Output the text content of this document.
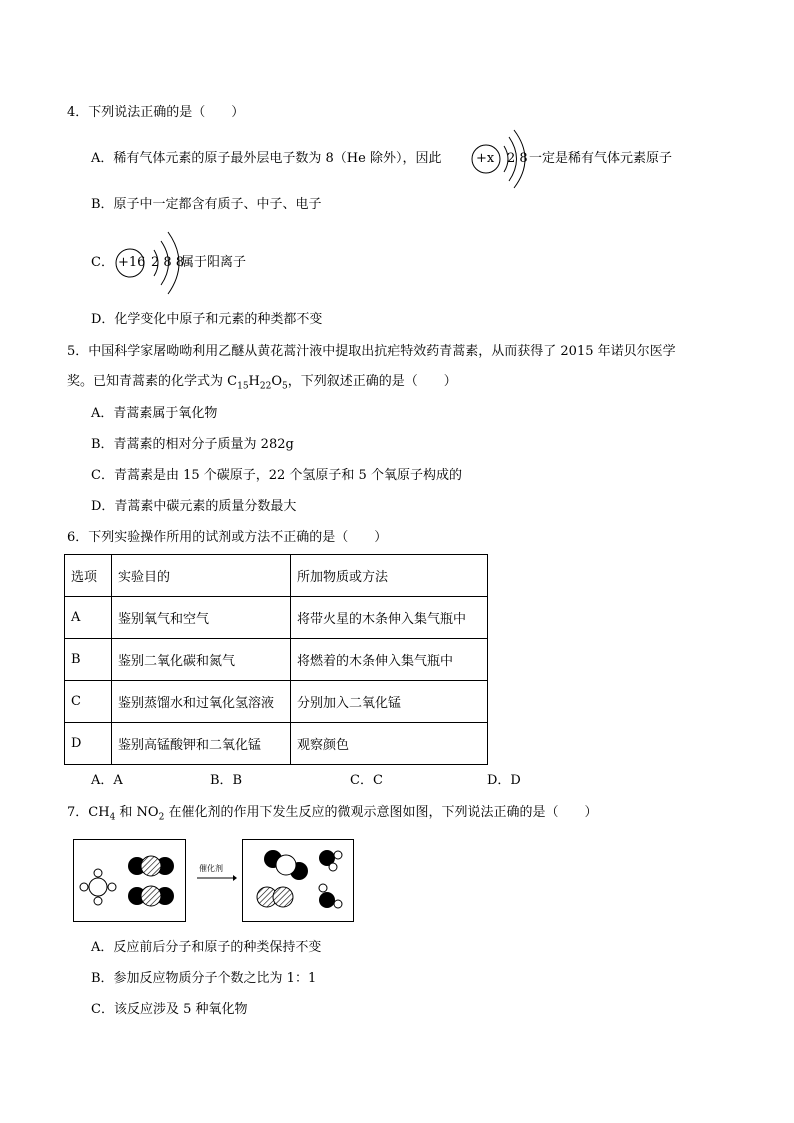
4．下列说法正确的是（　　）
A．稀有气体元素的原子最外层电子数为 8（He 除外），因此	+x 2 8 一定是稀有气体元素原子
B．原子中一定都含有质子、中子、电子
C． +16 2 8 8
属于阳离子
D．化学变化中原子和元素的种类都不变
5．中国科学家屠呦呦利用乙醚从黄花蒿汁液中提取出抗疟特效药青蒿素，从而获得了 2015 年诺贝尔医学
奖。已知青蒿素的化学式为 $C_{15}H_{22}O_5$，下列叙述正确的是（　　）
A．青蒿素属于氧化物
B．青蒿素的相对分子质量为 282g
C．青蒿素是由 15 个碳原子，22 个氢原子和 5 个氧原子构成的
D．青蒿素中碳元素的质量分数最大
6．下列实验操作所用的试剂或方法不正确的是（　　）
选项	实验目的	所加物质或方法
A	鉴别氧气和空气	将带火星的木条伸入集气瓶中
B	鉴别二氧化碳和氮气	将燃着的木条伸入集气瓶中
C	鉴别蒸馏水和过氧化氢溶液	分别加入二氧化锰
D	鉴别高锰酸钾和二氧化锰	观察颜色
A．A	B．B	C．C	D．D
7．$CH_4$ 和 $NO_2$ 在催化剂的作用下发生反应的微观示意图如图，下列说法正确的是（　　）
催化剂
A．反应前后分子和原子的种类保持不变
B．参加反应物质分子个数之比为 1：1
C．该反应涉及 5 种氧化物
